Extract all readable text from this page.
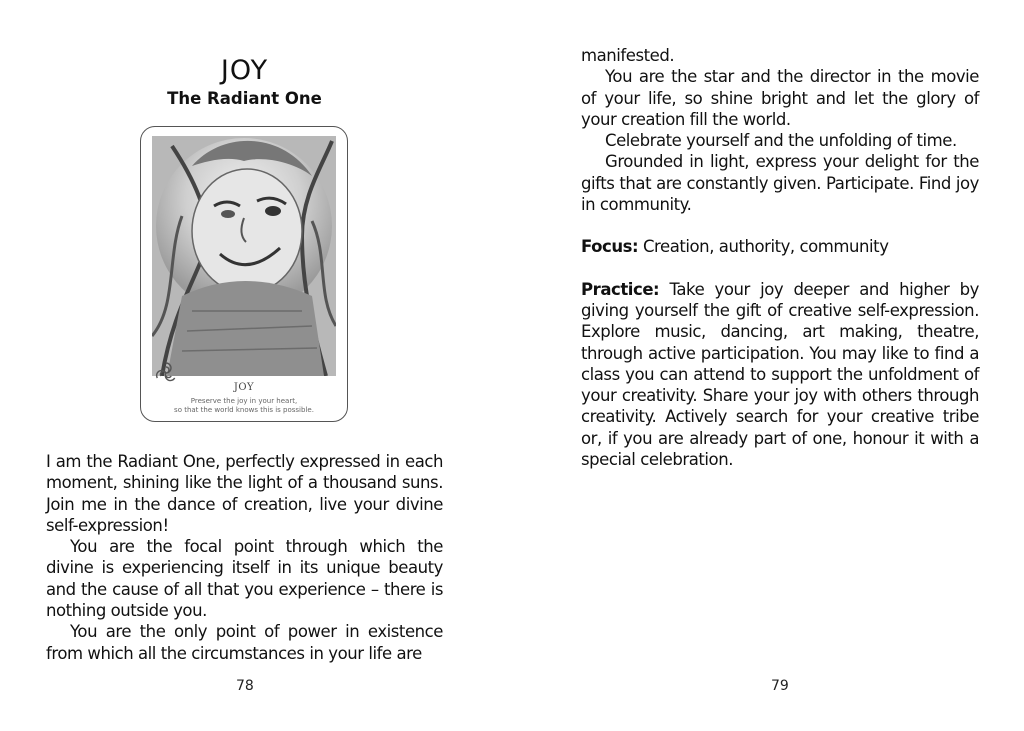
JOY
The Radiant One
JOY
Preserve the joy in your heart,
so that the world knows this is possible.

I am the Radiant One, perfectly expressed in each moment, shining like the light of a thousand suns. Join me in the dance of creation, live your divine self-expression!

You are the focal point through which the divine is experiencing itself in its unique beauty and the cause of all that you experience – there is nothing outside you.

You are the only point of power in existence from which all the circumstances in your life are

78

manifested.

You are the star and the director in the movie of your life, so shine bright and let the glory of your creation fill the world.

Celebrate yourself and the unfolding of time.

Grounded in light, express your delight for the gifts that are constantly given. Participate. Find joy in community.

Focus: Creation, authority, community

Practice: Take your joy deeper and higher by giving yourself the gift of creative self-expression. Explore music, dancing, art making, theatre, through active participation. You may like to find a class you can attend to support the unfoldment of your creativity. Share your joy with others through creativity. Actively search for your creative tribe or, if you are already part of one, honour it with a special celebration.

79
